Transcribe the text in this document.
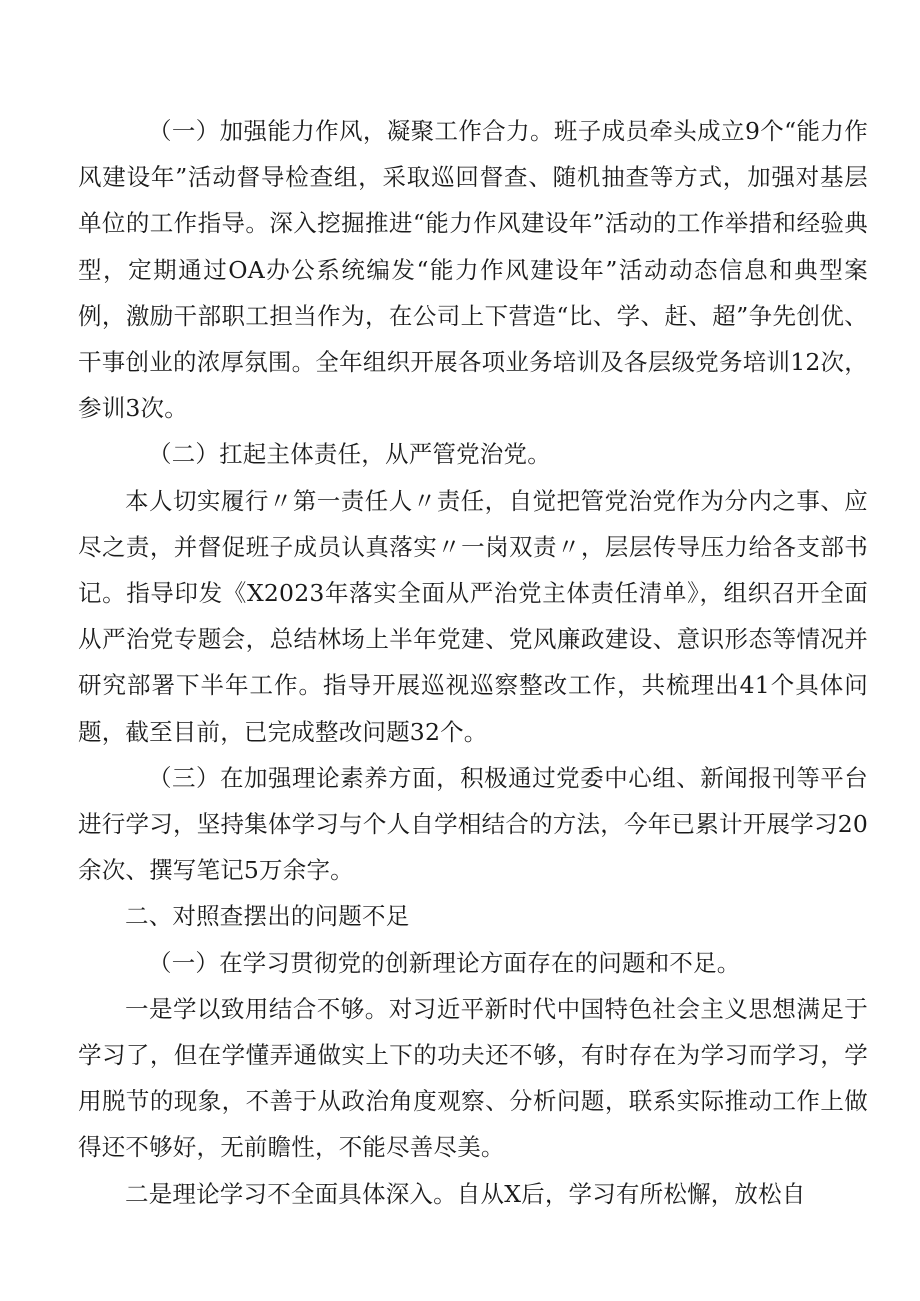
（一）加强能力作风，凝聚工作合力。班子成员牵头成立9个“能力作风建设年”活动督导检查组，采取巡回督查、随机抽查等方式，加强对基层单位的工作指导。深入挖掘推进“能力作风建设年”活动的工作举措和经验典型，定期通过OA办公系统编发“能力作风建设年”活动动态信息和典型案例，激励干部职工担当作为，在公司上下营造“比、学、赶、超”争先创优、干事创业的浓厚氛围。全年组织开展各项业务培训及各层级党务培训12次，参训3次。

（二）扛起主体责任，从严管党治党。

本人切实履行〃第一责任人〃责任，自觉把管党治党作为分内之事、应尽之责，并督促班子成员认真落实〃一岗双责〃，层层传导压力给各支部书记。指导印发《X2023年落实全面从严治党主体责任清单》，组织召开全面从严治党专题会，总结林场上半年党建、党风廉政建设、意识形态等情况并研究部署下半年工作。指导开展巡视巡察整改工作，共梳理出41个具体问题，截至目前，已完成整改问题32个。

（三）在加强理论素养方面，积极通过党委中心组、新闻报刊等平台进行学习，坚持集体学习与个人自学相结合的方法，今年已累计开展学习20余次、撰写笔记5万余字。

二、对照查摆出的问题不足

（一）在学习贯彻党的创新理论方面存在的问题和不足。

一是学以致用结合不够。对习近平新时代中国特色社会主义思想满足于学习了，但在学懂弄通做实上下的功夫还不够，有时存在为学习而学习，学用脱节的现象，不善于从政治角度观察、分析问题，联系实际推动工作上做得还不够好，无前瞻性，不能尽善尽美。

二是理论学习不全面具体深入。自从X后，学习有所松懈，放松自
